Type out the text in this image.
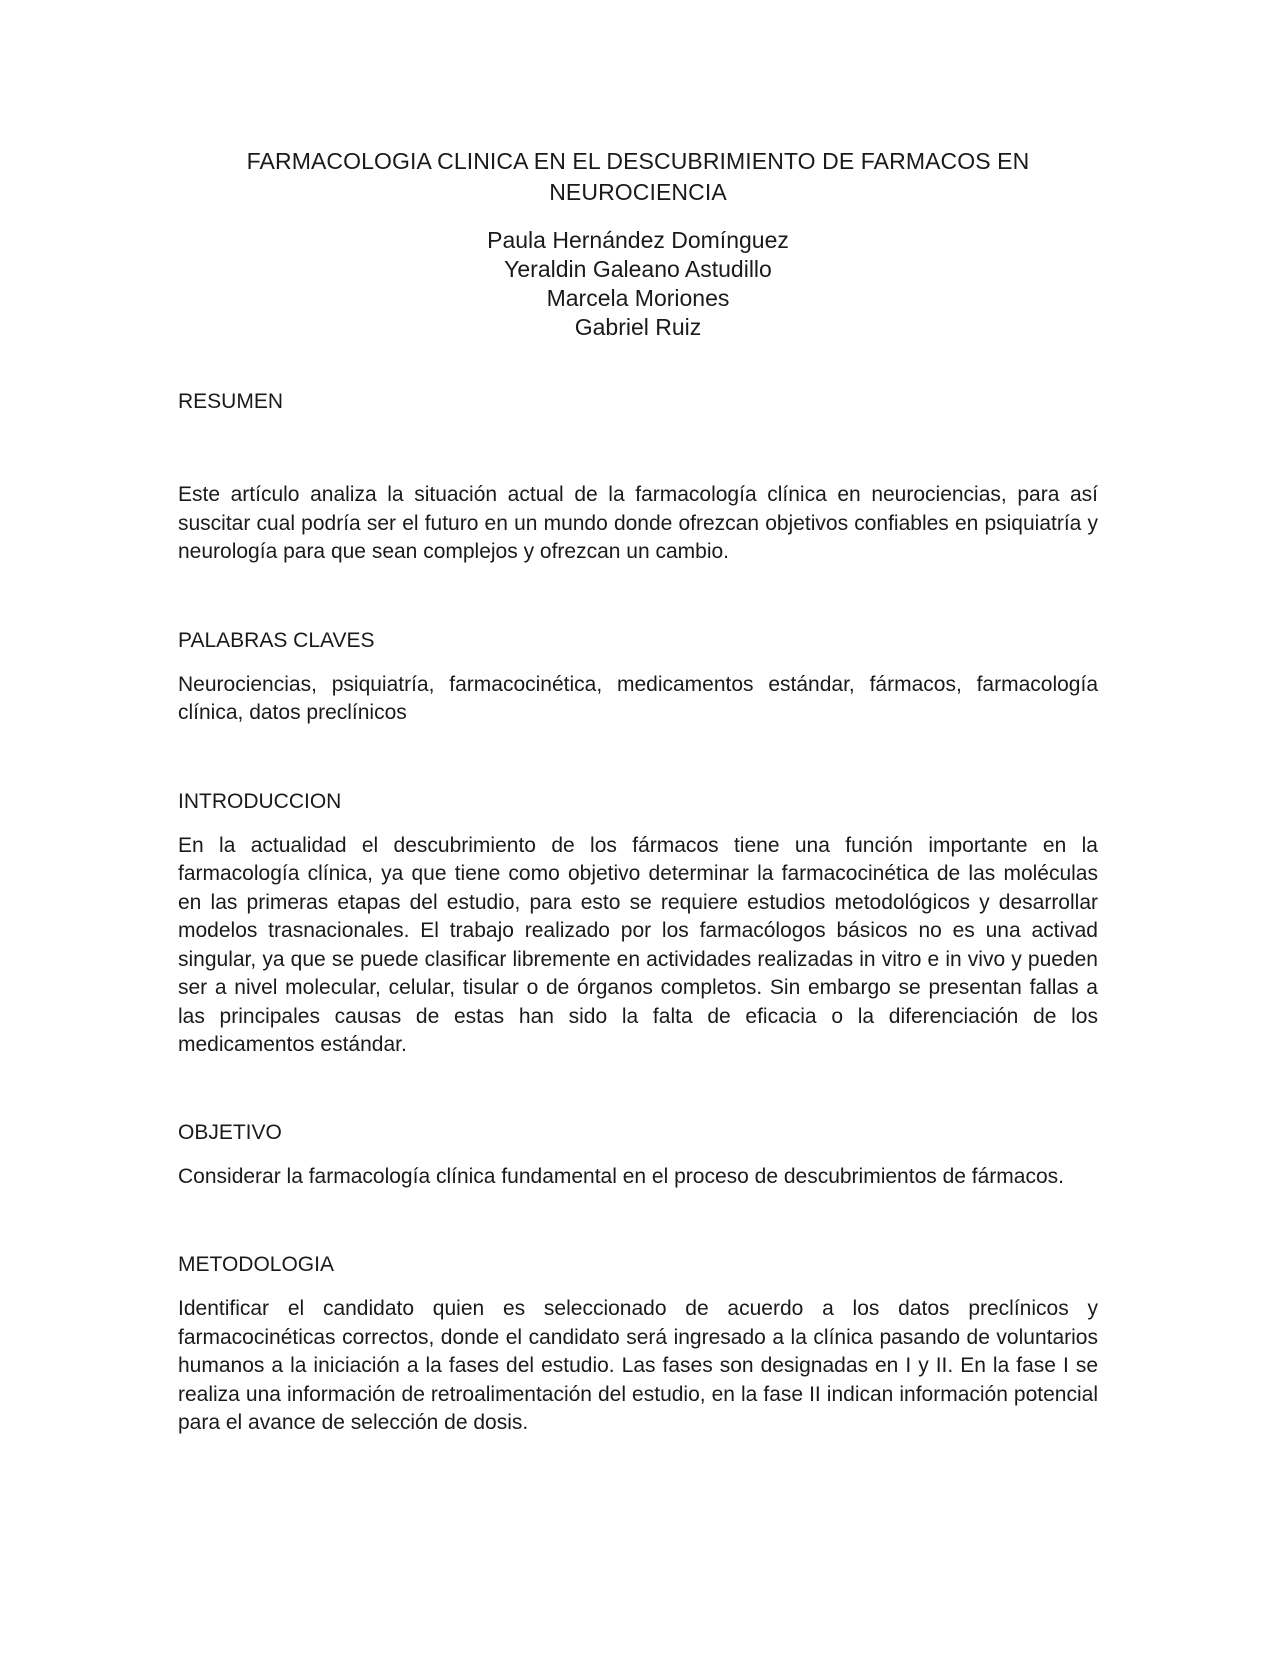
FARMACOLOGIA CLINICA EN EL DESCUBRIMIENTO DE FARMACOS EN NEUROCIENCIA
Paula Hernández Domínguez
Yeraldin Galeano Astudillo
Marcela Moriones
Gabriel Ruiz
RESUMEN

Este artículo analiza la situación actual de la farmacología clínica en neurociencias, para así suscitar cual podría ser el futuro en un mundo donde ofrezcan objetivos confiables en psiquiatría y neurología para que sean complejos y ofrezcan un cambio.

PALABRAS CLAVES

Neurociencias, psiquiatría, farmacocinética, medicamentos estándar, fármacos, farmacología clínica, datos preclínicos

INTRODUCCION

En la actualidad el descubrimiento de los fármacos tiene una función importante en la farmacología clínica, ya que tiene como objetivo determinar la farmacocinética de las moléculas en las primeras etapas del estudio, para esto se requiere estudios metodológicos y desarrollar modelos trasnacionales. El trabajo realizado por los farmacólogos básicos no es una activad singular, ya que se puede clasificar libremente en actividades realizadas in vitro e in vivo y pueden ser a nivel molecular, celular, tisular o de órganos completos. Sin embargo se presentan fallas a las principales causas de estas han sido la falta de eficacia o la diferenciación de los medicamentos estándar.

OBJETIVO

Considerar la farmacología clínica fundamental en el proceso de descubrimientos de fármacos.

METODOLOGIA

Identificar el candidato quien es seleccionado de acuerdo a los datos preclínicos y farmacocinéticas correctos, donde el candidato será ingresado a la clínica pasando de voluntarios humanos a la iniciación a la fases del estudio. Las fases son designadas en I y II. En la fase I se realiza una información de retroalimentación del estudio, en la fase II indican información potencial para el avance de selección de dosis.
